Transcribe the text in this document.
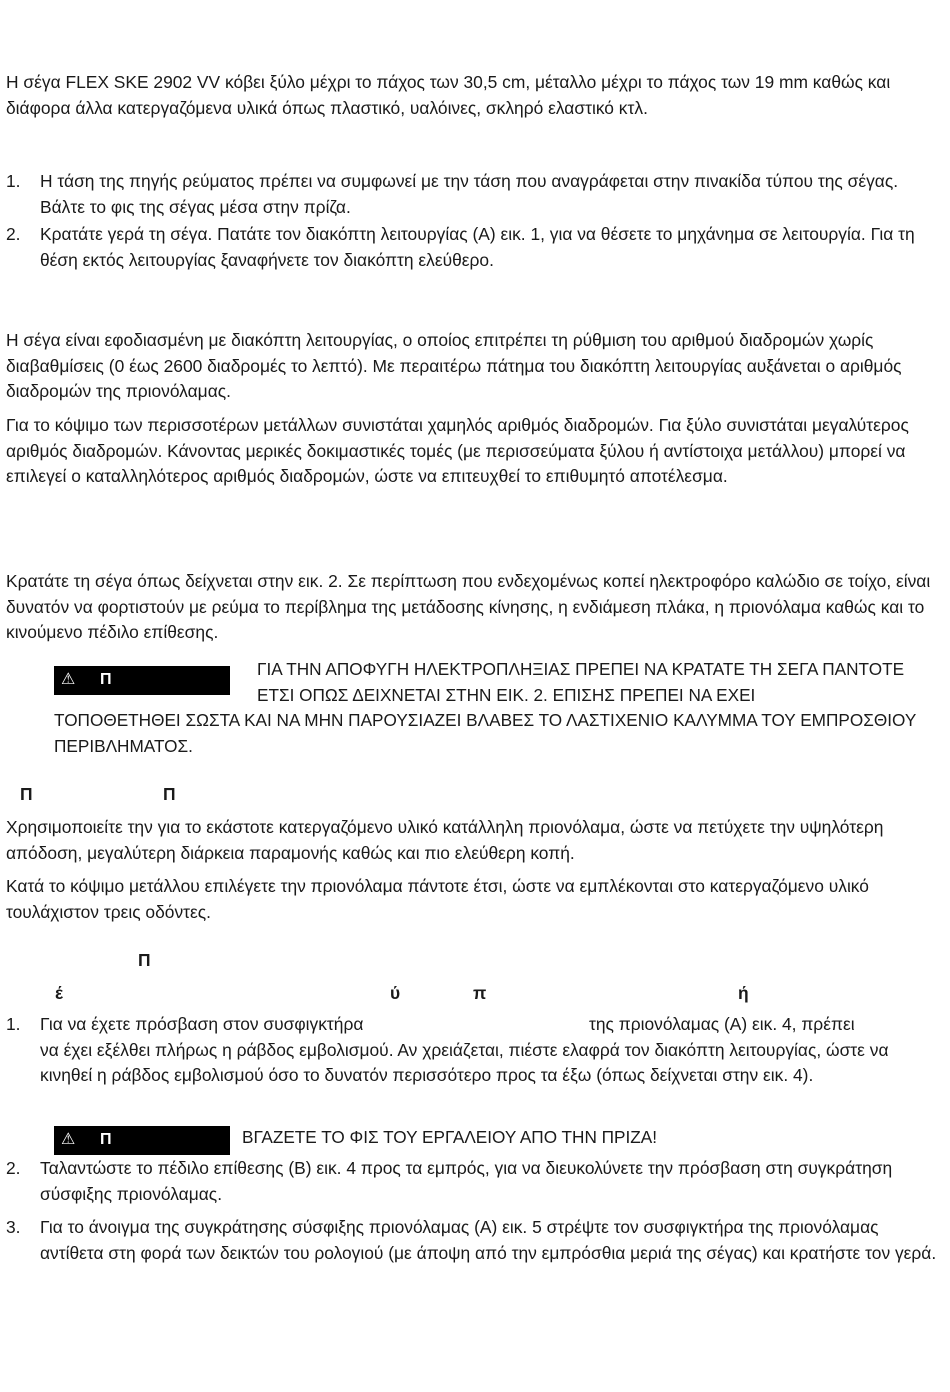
Η σέγα FLEX SKE 2902 VV κόβει ξύλο μέχρι το πάχος των 30,5 cm, μέταλλο μέχρι το πάχος των 19 mm καθώς και διάφορα άλλα κατεργαζόμενα υλικά όπως πλαστικό, υαλόινες, σκληρό ελαστικό κτλ.

1.	Η τάση της πηγής ρεύματος πρέπει να συμφωνεί με την τάση που αναγράφεται στην πινακίδα τύπου της σέγας. Βάλτε το φις της σέγας μέσα στην πρίζα.
2.	Κρατάτε γερά τη σέγα. Πατάτε τον διακόπτη λειτουργίας (A) εικ. 1, για να θέσετε το μηχάνημα σε λειτουργία. Για τη θέση εκτός λειτουργίας ξαναφήνετε τον διακόπτη ελεύθερο.

Η σέγα είναι εφοδιασμένη με διακόπτη λειτουργίας, ο οποίος επιτρέπει τη ρύθμιση του αριθμού διαδρομών χωρίς διαβαθμίσεις (0 έως 2600 διαδρομές το λεπτό). Με περαιτέρω πάτημα του διακόπτη λειτουργίας αυξάνεται ο αριθμός διαδρομών της πριονόλαμας.

Για το κόψιμο των περισσοτέρων μετάλλων συνιστάται χαμηλός αριθμός διαδρομών. Για ξύλο συνιστάται μεγαλύτερος αριθμός διαδρομών. Κάνοντας μερικές δοκιμαστικές τομές (με περισσεύματα ξύλου ή αντίστοιχα μετάλλου) μπορεί να επιλεγεί ο καταλληλότερος αριθμός διαδρομών, ώστε να επιτευχθεί το επιθυμητό αποτέλεσμα.

Κρατάτε τη σέγα όπως δείχνεται στην εικ. 2. Σε περίπτωση που ενδεχομένως κοπεί ηλεκτροφόρο καλώδιο σε τοίχο, είναι δυνατόν να φορτιστούν με ρεύμα το περίβλημα της μετάδοσης κίνησης, η ενδιάμεση πλάκα, η πριονόλαμα καθώς και το κινούμενο πέδιλο επίθεσης.

⚠ Π

ΓΙΑ ΤΗΝ ΑΠΟΦΥΓΗ ΗΛΕΚΤΡΟΠΛΗΞΙΑΣ ΠΡΕΠΕΙ ΝΑ ΚΡΑΤΑΤΕ ΤΗ ΣΕΓΑ ΠΑΝΤΟΤΕ ΕΤΣΙ ΟΠΩΣ ΔΕΙΧΝΕΤΑΙ ΣΤΗΝ ΕΙΚ. 2. ΕΠΙΣΗΣ ΠΡΕΠΕΙ ΝΑ ΕΧΕΙ

ΤΟΠΟΘΕΤΗΘΕΙ ΣΩΣΤΑ ΚΑΙ ΝΑ ΜΗΝ ΠΑΡΟΥΣΙΑΖΕΙ ΒΛΑΒΕΣ ΤΟ ΛΑΣΤΙΧΕΝΙΟ ΚΑΛΥΜΜΑ ΤΟΥ ΕΜΠΡΟΣΘΙΟΥ ΠΕΡΙΒΛΗΜΑΤΟΣ.

Π	Π

Χρησιμοποιείτε την για το εκάστοτε κατεργαζόμενο υλικό κατάλληλη πριονόλαμα, ώστε να πετύχετε την υψηλότερη απόδοση, μεγαλύτερη διάρκεια παραμονής καθώς και πιο ελεύθερη κοπή.

Κατά το κόψιμο μετάλλου επιλέγετε την πριονόλαμα πάντοτε έτσι, ώστε να εμπλέκονται στο κατεργαζόμενο υλικό τουλάχιστον τρεις οδόντες.

Π
έ	ύ	π	ή
1.	Για να έχετε πρόσβαση στον συσφιγκτήρα	της πριονόλαμας (A) εικ. 4, πρέπει
να έχει εξέλθει πλήρως η ράβδος εμβολισμού. Αν χρειάζεται, πιέστε ελαφρά τον διακόπτη λειτουργίας, ώστε να κινηθεί η ράβδος εμβολισμού όσο το δυνατόν περισσότερο προς τα έξω (όπως δείχνεται στην εικ. 4).
⚠ Π	ΒΓΑΖΕΤΕ ΤΟ ΦΙΣ ΤΟΥ ΕΡΓΑΛΕΙΟΥ ΑΠΟ ΤΗΝ ΠΡΙΖΑ!

2.	Ταλαντώστε το πέδιλο επίθεσης (B) εικ. 4 προς τα εμπρός, για να διευκολύνετε την πρόσβαση στη συγκράτηση σύσφιξης πριονόλαμας.
3.	Για το άνοιγμα της συγκράτησης σύσφιξης πριονόλαμας (A) εικ. 5 στρέψτε τον συσφιγκτήρα της πριονόλαμας αντίθετα στη φορά των δεικτών του ρολογιού (με άποψη από την εμπρόσθια μεριά της σέγας) και κρατήστε τον γερά.
